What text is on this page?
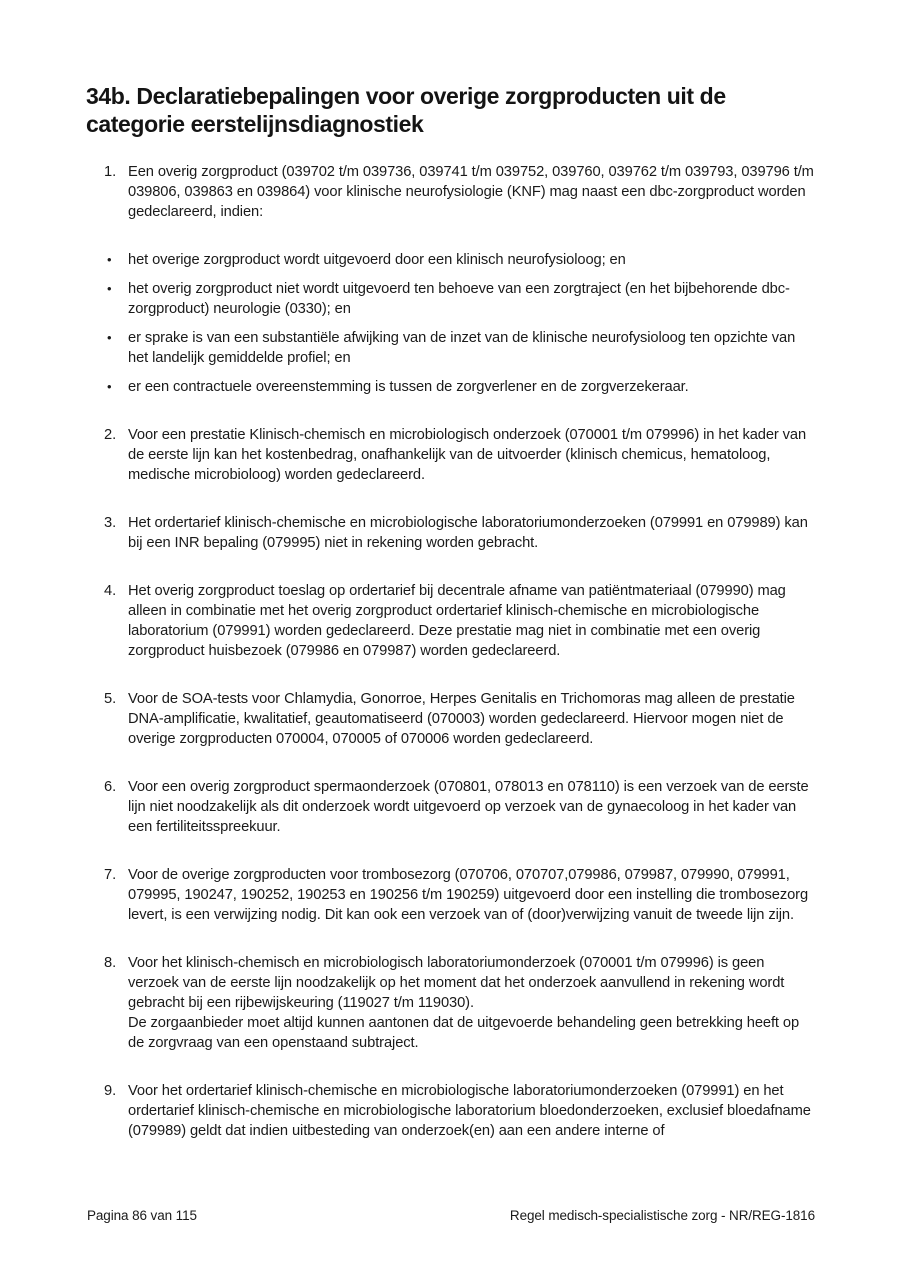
34b. Declaratiebepalingen voor overige zorgproducten uit de categorie eerstelijnsdiagnostiek
1. Een overig zorgproduct (039702 t/m 039736, 039741 t/m 039752, 039760, 039762 t/m 039793, 039796 t/m 039806, 039863 en 039864) voor klinische neurofysiologie (KNF) mag naast een dbc-zorgproduct worden gedeclareerd, indien:

•	het overige zorgproduct wordt uitgevoerd door een klinisch neurofysioloog; en

•	het overig zorgproduct niet wordt uitgevoerd ten behoeve van een zorgtraject (en het bijbehorende dbc-zorgproduct) neurologie (0330); en

•	er sprake is van een substantiële afwijking van de inzet van de klinische neurofysioloog ten opzichte van het landelijk gemiddelde profiel; en

•	er een contractuele overeenstemming is tussen de zorgverlener en de zorgverzekeraar.

2. Voor een prestatie Klinisch-chemisch en microbiologisch onderzoek (070001 t/m 079996) in het kader van de eerste lijn kan het kostenbedrag, onafhankelijk van de uitvoerder (klinisch chemicus, hematoloog, medische microbioloog) worden gedeclareerd.

3. Het ordertarief klinisch-chemische en microbiologische laboratoriumonderzoeken (079991 en 079989) kan bij een INR bepaling (079995) niet in rekening worden gebracht.

4. Het overig zorgproduct toeslag op ordertarief bij decentrale afname van patiëntmateriaal (079990) mag alleen in combinatie met het overig zorgproduct ordertarief klinisch-chemische en microbiologische laboratorium (079991) worden gedeclareerd. Deze prestatie mag niet in combinatie met een overig zorgproduct huisbezoek (079986 en 079987) worden gedeclareerd.

5. Voor de SOA-tests voor Chlamydia, Gonorroe, Herpes Genitalis en Trichomoras mag alleen de prestatie DNA-amplificatie, kwalitatief, geautomatiseerd (070003) worden gedeclareerd. Hiervoor mogen niet de overige zorgproducten 070004, 070005 of 070006 worden gedeclareerd.

6. Voor een overig zorgproduct spermaonderzoek (070801, 078013 en 078110) is een verzoek van de eerste lijn niet noodzakelijk als dit onderzoek wordt uitgevoerd op verzoek van de gynaecoloog in het kader van een fertiliteitsspreekuur.

7. Voor de overige zorgproducten voor trombosezorg (070706, 070707,079986, 079987, 079990, 079991, 079995, 190247, 190252, 190253 en 190256 t/m 190259) uitgevoerd door een instelling die trombosezorg levert, is een verwijzing nodig. Dit kan ook een verzoek van of (door)verwijzing vanuit de tweede lijn zijn.

8. Voor het klinisch-chemisch en microbiologisch laboratoriumonderzoek (070001 t/m 079996) is geen verzoek van de eerste lijn noodzakelijk op het moment dat het onderzoek aanvullend in rekening wordt gebracht bij een rijbewijskeuring (119027 t/m 119030).

De zorgaanbieder moet altijd kunnen aantonen dat de uitgevoerde behandeling geen betrekking heeft op de zorgvraag van een openstaand subtraject.

9. Voor het ordertarief klinisch-chemische en microbiologische laboratoriumonderzoeken (079991) en het ordertarief klinisch-chemische en microbiologische laboratorium bloedonderzoeken, exclusief bloedafname (079989) geldt dat indien uitbesteding van onderzoek(en) aan een andere interne of

Pagina 86 van 115	Regel medisch-specialistische zorg - NR/REG-1816
